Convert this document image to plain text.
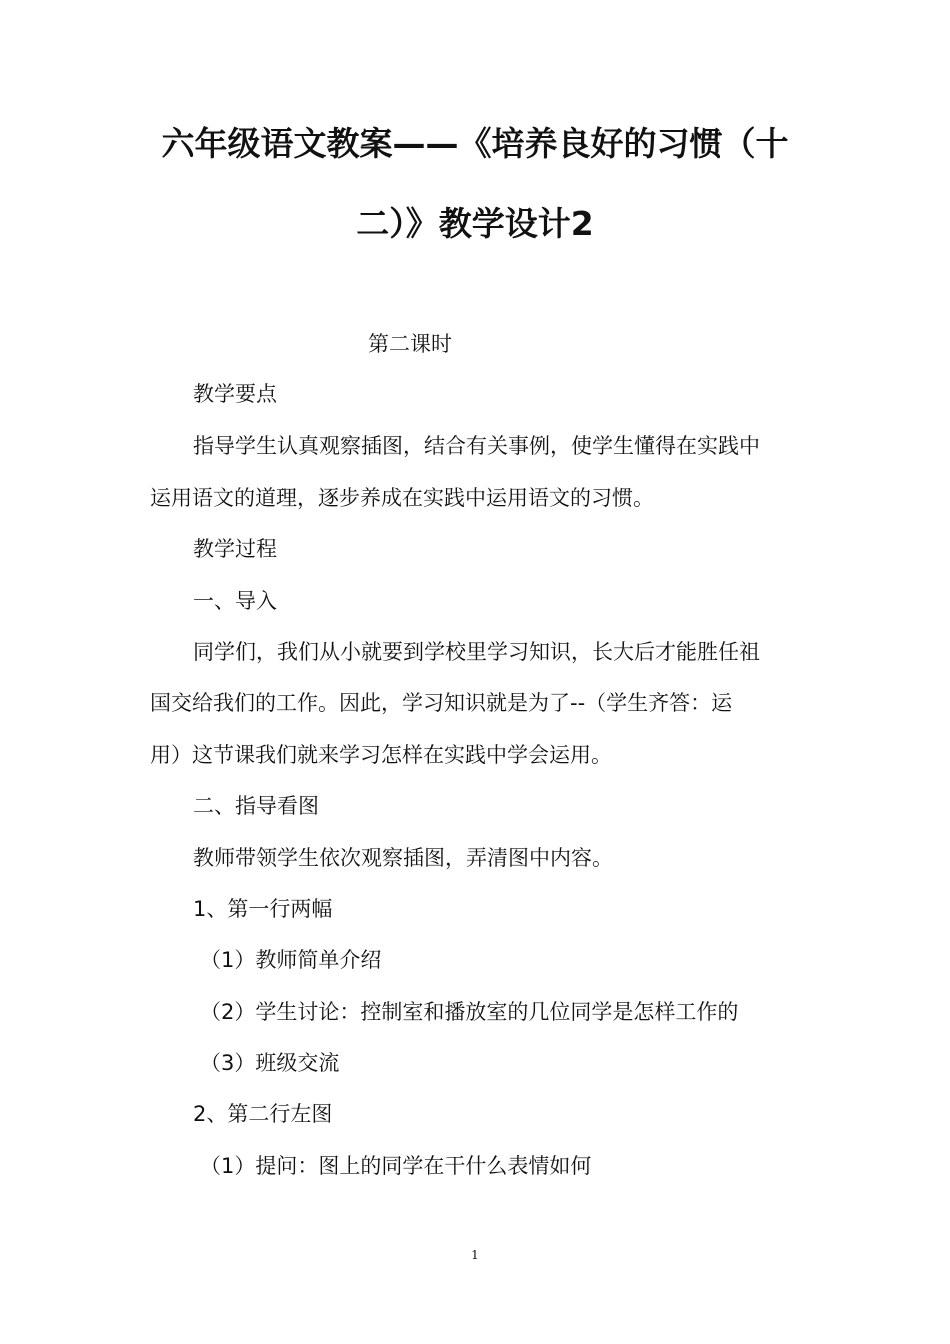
六年级语文教案——《培养良好的习惯（十
二）》教学设计2

第二课时

教学要点

指导学生认真观察插图，结合有关事例，使学生懂得在实践中

运用语文的道理，逐步养成在实践中运用语文的习惯。

教学过程

一、导入

同学们，我们从小就要到学校里学习知识，长大后才能胜任祖

国交给我们的工作。因此，学习知识就是为了--（学生齐答：运

用）这节课我们就来学习怎样在实践中学会运用。

二、指导看图

教师带领学生依次观察插图，弄清图中内容。

1、第一行两幅

（1）教师简单介绍

（2）学生讨论：控制室和播放室的几位同学是怎样工作的

（3）班级交流

2、第二行左图

（1）提问：图上的同学在干什么表情如何

1
